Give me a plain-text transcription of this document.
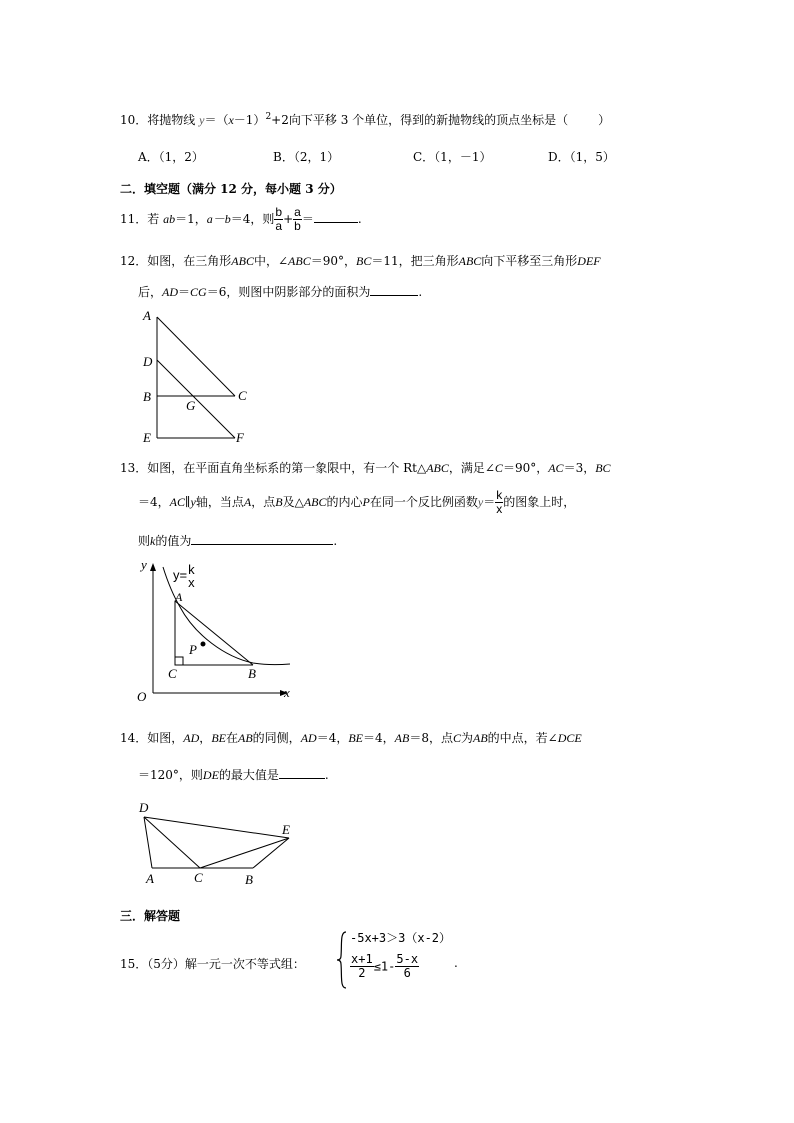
10．将抛物线 $y=(x-1)^2+2$向下平移 3 个单位，得到的新抛物线的顶点坐标是（	）
A．（1，2）	B．（2，1）	C．（1，－1）	D．（1，5）
二．填空题（满分 12 分，每小题 3 分）
11．若 ab＝1，a－b＝4，则 $\frac{b}{a} + \frac{a}{b}$ ＝	.
12．如图，在三角形ABC中，∠ABC＝90°，BC＝11，把三角形ABC向下平移至三角形DEF
后，AD＝CG＝6，则图中阴影部分的面积为	.
A
D
B
G
C
E	F
13．如图，在平面直角坐标系的第一象限中，有一个 Rt△ABC，满足∠C＝90°，AC＝3，BC
＝4，AC∥y轴，当点A，点B及△ABC的内心P在同一个反比例函数$y= \frac{k}{x}$ 的图象上时，
则k的值为	.
y
y= k
x
A
P
C	B
O	x
14．如图，AD，BE在AB的同侧，AD＝4，BE＝4，AB＝8，点C为AB的中点，若∠DCE
＝120°，则DE的最大值是	.
D
E
A	C	B
三．解答题
15．（5分）解一元一次不等式组：
-5x+3＞3（x-2）
$\frac{x+1}{2} \le 1- \frac{5-x}{6}$	.
